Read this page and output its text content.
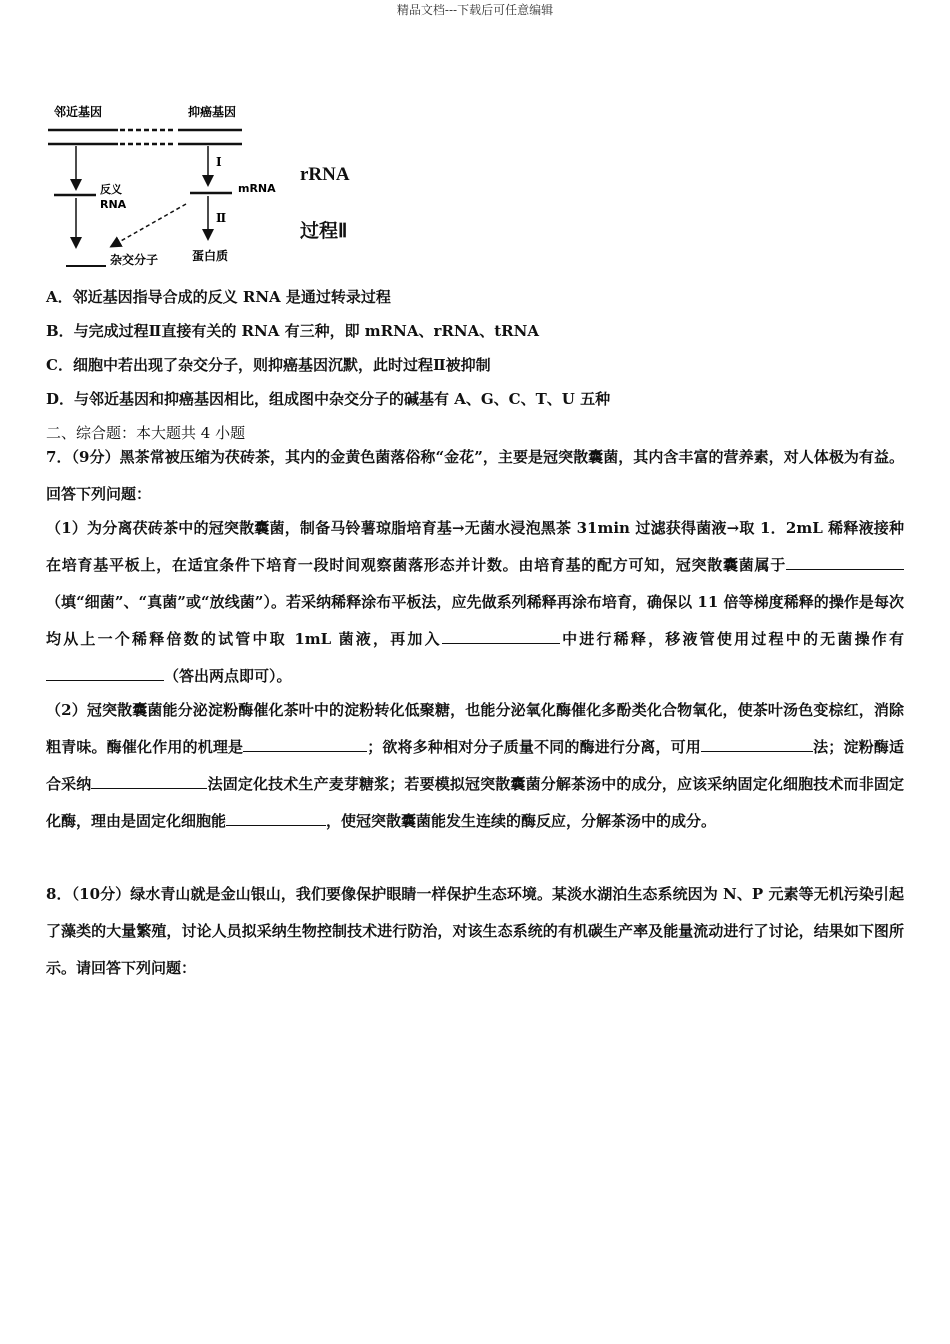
精品文档---下载后可任意编辑
邻近基因	抑癌基因
反义
RNA
Ⅰ
mRNA
Ⅱ
蛋白质
杂交分子
rRNA
过程Ⅱ
A．邻近基因指导合成的反义 RNA 是通过转录过程
B．与完成过程Ⅱ直接有关的 RNA 有三种，即 mRNA、rRNA、tRNA
C．细胞中若出现了杂交分子，则抑癌基因沉默，此时过程Ⅱ被抑制
D．与邻近基因和抑癌基因相比，组成图中杂交分子的碱基有 A、G、C、T、U 五种
二、综合题：本大题共 4 小题
7．（9分）黑茶常被压缩为茯砖茶，其内的金黄色菌落俗称“金花”，主要是冠突散囊菌，其内含丰富的营养素，对人体极为有益。回答下列问题：
（1）为分离茯砖茶中的冠突散囊菌，制备马铃薯琼脂培育基→无菌水浸泡黑茶 31min 过滤获得菌液→取 1．2mL 稀释液接种在培育基平板上，在适宜条件下培育一段时间观察菌落形态并计数。由培育基的配方可知，冠突散囊菌属于（填“细菌”、“真菌”或“放线菌”）。若采纳稀释涂布平板法，应先做系列稀释再涂布培育，确保以 11 倍等梯度稀释的操作是每次均从上一个稀释倍数的试管中取 1mL 菌液，再加入	中进行稀释，移液管使用过程中的无菌操作有（答出两点即可）。
（2）冠突散囊菌能分泌淀粉酶催化茶叶中的淀粉转化低聚糖，也能分泌氧化酶催化多酚类化合物氧化，使茶叶汤色变棕红，消除粗青味。酶催化作用的机理是	；欲将多种相对分子质量不同的酶进行分离，可用	法；淀粉酶适合采纳	法固定化技术生产麦芽糖浆；若要模拟冠突散囊菌分解茶汤中的成分，应该采纳固定化细胞技术而非固定化酶，理由是固定化细胞能	，使冠突散囊菌能发生连续的酶反应，分解茶汤中的成分。
8．（10分）绿水青山就是金山银山，我们要像保护眼睛一样保护生态环境。某淡水湖泊生态系统因为 N、P 元素等无机污染引起了藻类的大量繁殖，讨论人员拟采纳生物控制技术进行防治，对该生态系统的有机碳生产率及能量流动进行了讨论，结果如下图所示。请回答下列问题：
